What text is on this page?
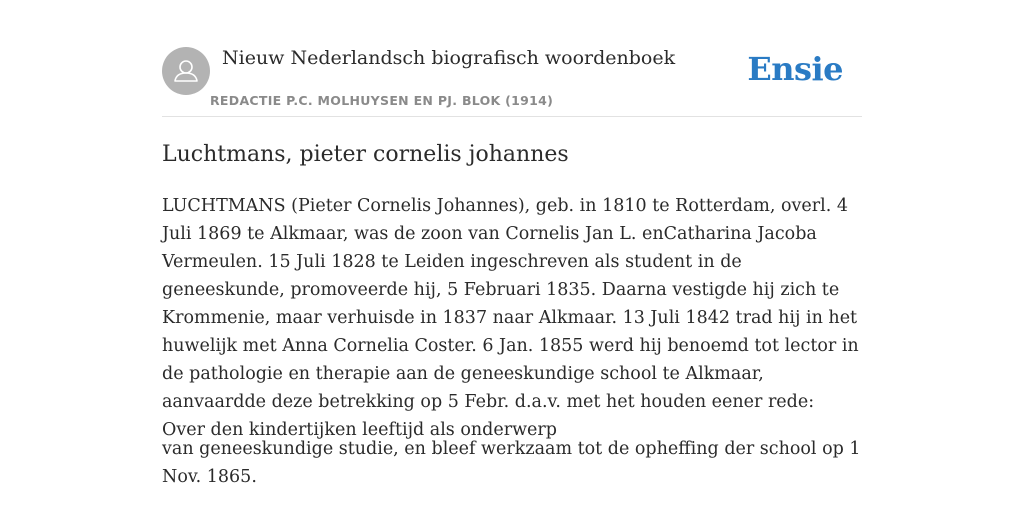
Nieuw Nederlandsch biografisch woordenboek
REDACTIE P.C. MOLHUYSEN EN PJ. BLOK (1914)
Ensie
Luchtmans, pieter cornelis johannes

LUCHTMANS (Pieter Cornelis Johannes), geb. in 1810 te Rotterdam, overl. 4 Juli 1869 te Alkmaar, was de zoon van Cornelis Jan L. enCatharina Jacoba Vermeulen. 15 Juli 1828 te Leiden ingeschreven als student in de geneeskunde, promoveerde hij, 5 Februari 1835. Daarna vestigde hij zich te Krommenie, maar verhuisde in 1837 naar Alkmaar. 13 Juli 1842 trad hij in het huwelijk met Anna Cornelia Coster. 6 Jan. 1855 werd hij benoemd tot lector in de pathologie en therapie aan de geneeskundige school te Alkmaar, aanvaardde deze betrekking op 5 Febr. d.a.v. met het houden eener rede: Over den kindertijken leeftijd als onderwerp

van geneeskundige studie, en bleef werkzaam tot de opheffing der school op 1 Nov. 1865.
